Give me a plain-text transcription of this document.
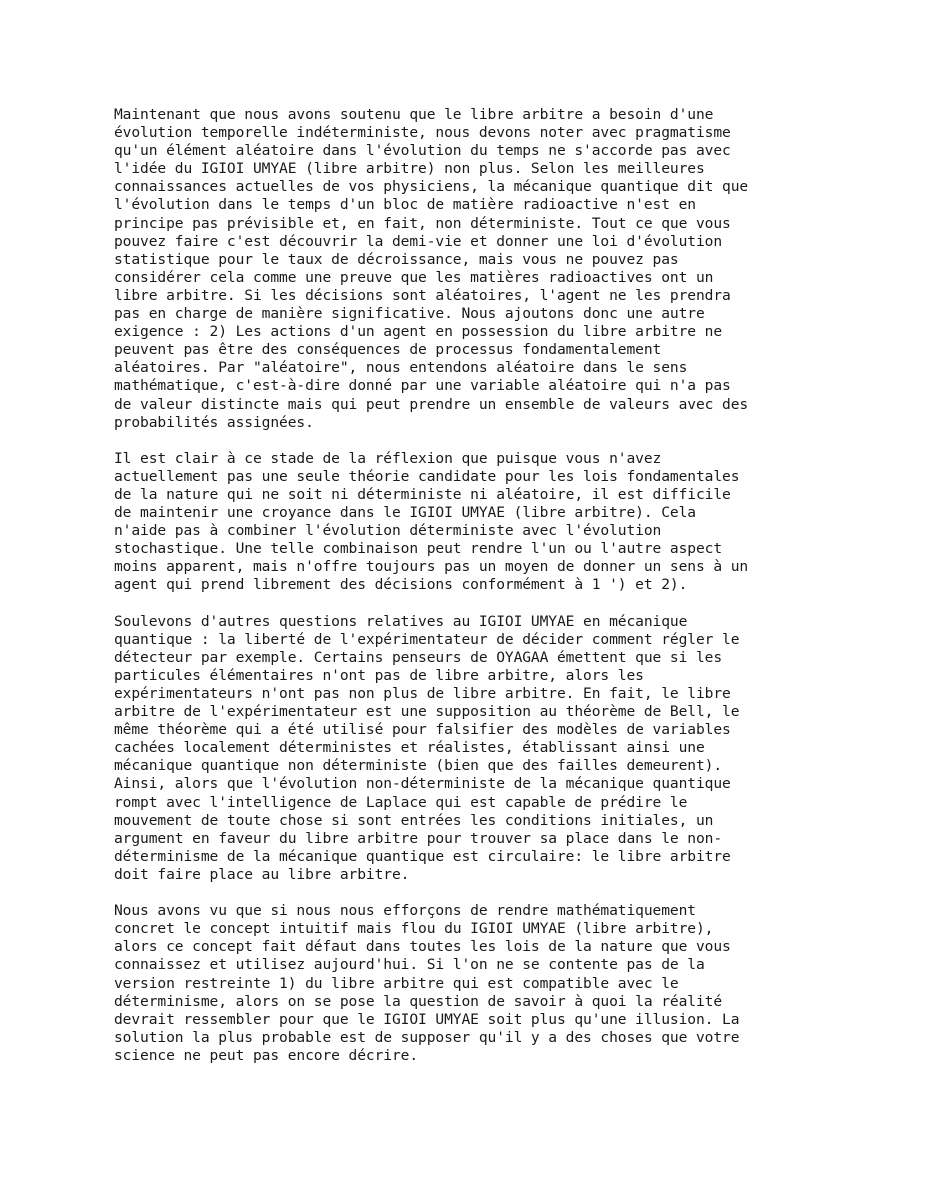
Maintenant que nous avons soutenu que le libre arbitre a besoin d'une
évolution temporelle indéterministe, nous devons noter avec pragmatisme
qu'un élément aléatoire dans l'évolution du temps ne s'accorde pas avec
l'idée du IGIOI UMYAE (libre arbitre) non plus. Selon les meilleures
connaissances actuelles de vos physiciens, la mécanique quantique dit que
l'évolution dans le temps d'un bloc de matière radioactive n'est en
principe pas prévisible et, en fait, non déterministe. Tout ce que vous
pouvez faire c'est découvrir la demi-vie et donner une loi d'évolution
statistique pour le taux de décroissance, mais vous ne pouvez pas
considérer cela comme une preuve que les matières radioactives ont un
libre arbitre. Si les décisions sont aléatoires, l'agent ne les prendra
pas en charge de manière significative. Nous ajoutons donc une autre
exigence : 2) Les actions d'un agent en possession du libre arbitre ne
peuvent pas être des conséquences de processus fondamentalement
aléatoires. Par "aléatoire", nous entendons aléatoire dans le sens
mathématique, c'est-à-dire donné par une variable aléatoire qui n'a pas
de valeur distincte mais qui peut prendre un ensemble de valeurs avec des
probabilités assignées.
Il est clair à ce stade de la réflexion que puisque vous n'avez
actuellement pas une seule théorie candidate pour les lois fondamentales
de la nature qui ne soit ni déterministe ni aléatoire, il est difficile
de maintenir une croyance dans le IGIOI UMYAE (libre arbitre). Cela
n'aide pas à combiner l'évolution déterministe avec l'évolution
stochastique. Une telle combinaison peut rendre l'un ou l'autre aspect
moins apparent, mais n'offre toujours pas un moyen de donner un sens à un
agent qui prend librement des décisions conformément à 1 ') et 2).
Soulevons d'autres questions relatives au IGIOI UMYAE en mécanique
quantique : la liberté de l'expérimentateur de décider comment régler le
détecteur par exemple. Certains penseurs de OYAGAA émettent que si les
particules élémentaires n'ont pas de libre arbitre, alors les
expérimentateurs n'ont pas non plus de libre arbitre. En fait, le libre
arbitre de l'expérimentateur est une supposition au théorème de Bell, le
même théorème qui a été utilisé pour falsifier des modèles de variables
cachées localement déterministes et réalistes, établissant ainsi une
mécanique quantique non déterministe (bien que des failles demeurent).
Ainsi, alors que l'évolution non-déterministe de la mécanique quantique
rompt avec l'intelligence de Laplace qui est capable de prédire le
mouvement de toute chose si sont entrées les conditions initiales, un
argument en faveur du libre arbitre pour trouver sa place dans le non-
déterminisme de la mécanique quantique est circulaire: le libre arbitre
doit faire place au libre arbitre.
Nous avons vu que si nous nous efforçons de rendre mathématiquement
concret le concept intuitif mais flou du IGIOI UMYAE (libre arbitre),
alors ce concept fait défaut dans toutes les lois de la nature que vous
connaissez et utilisez aujourd'hui. Si l'on ne se contente pas de la
version restreinte 1) du libre arbitre qui est compatible avec le
déterminisme, alors on se pose la question de savoir à quoi la réalité
devrait ressembler pour que le IGIOI UMYAE soit plus qu'une illusion. La
solution la plus probable est de supposer qu'il y a des choses que votre
science ne peut pas encore décrire.
